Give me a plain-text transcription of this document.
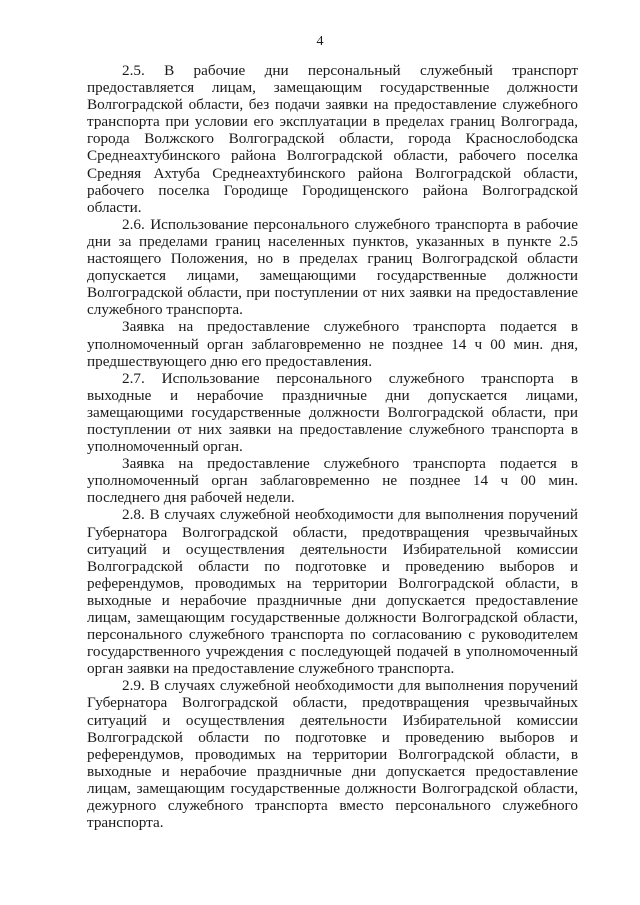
4

2.5. В рабочие дни персональный служебный транспорт предоставляется лицам, замещающим государственные должности Волгоградской области, без подачи заявки на предоставление служебного транспорта при условии его эксплуатации в пределах границ Волгограда, города Волжского Волгоградской области, города Краснослободска Среднеахтубинского района Волгоградской области, рабочего поселка Средняя Ахтуба Среднеахтубинского района Волгоградской области, рабочего поселка Городище Городищенского района Волгоградской области.

2.6. Использование персонального служебного транспорта в рабочие дни за пределами границ населенных пунктов, указанных в пункте 2.5 настоящего Положения, но в пределах границ Волгоградской области допускается лицами, замещающими государственные должности Волгоградской области, при поступлении от них заявки на предоставление служебного транспорта.

Заявка на предоставление служебного транспорта подается в уполномоченный орган заблаговременно не позднее 14 ч 00 мин. дня, предшествующего дню его предоставления.

2.7. Использование персонального служебного транспорта в выходные и нерабочие праздничные дни допускается лицами, замещающими государственные должности Волгоградской области, при поступлении от них заявки на предоставление служебного транспорта в уполномоченный орган.

Заявка на предоставление служебного транспорта подается в уполномоченный орган заблаговременно не позднее 14 ч 00 мин. последнего дня рабочей недели.

2.8. В случаях служебной необходимости для выполнения поручений Губернатора Волгоградской области, предотвращения чрезвычайных ситуаций и осуществления деятельности Избирательной комиссии Волгоградской области по подготовке и проведению выборов и референдумов, проводимых на территории Волгоградской области, в выходные и нерабочие праздничные дни допускается предоставление лицам, замещающим государственные должности Волгоградской области, персонального служебного транспорта по согласованию с руководителем государственного учреждения с последующей подачей в уполномоченный орган заявки на предоставление служебного транспорта.

2.9. В случаях служебной необходимости для выполнения поручений Губернатора Волгоградской области, предотвращения чрезвычайных ситуаций и осуществления деятельности Избирательной комиссии Волгоградской области по подготовке и проведению выборов и референдумов, проводимых на территории Волгоградской области, в выходные и нерабочие праздничные дни допускается предоставление лицам, замещающим государственные должности Волгоградской области, дежурного служебного транспорта вместо персонального служебного транспорта.
